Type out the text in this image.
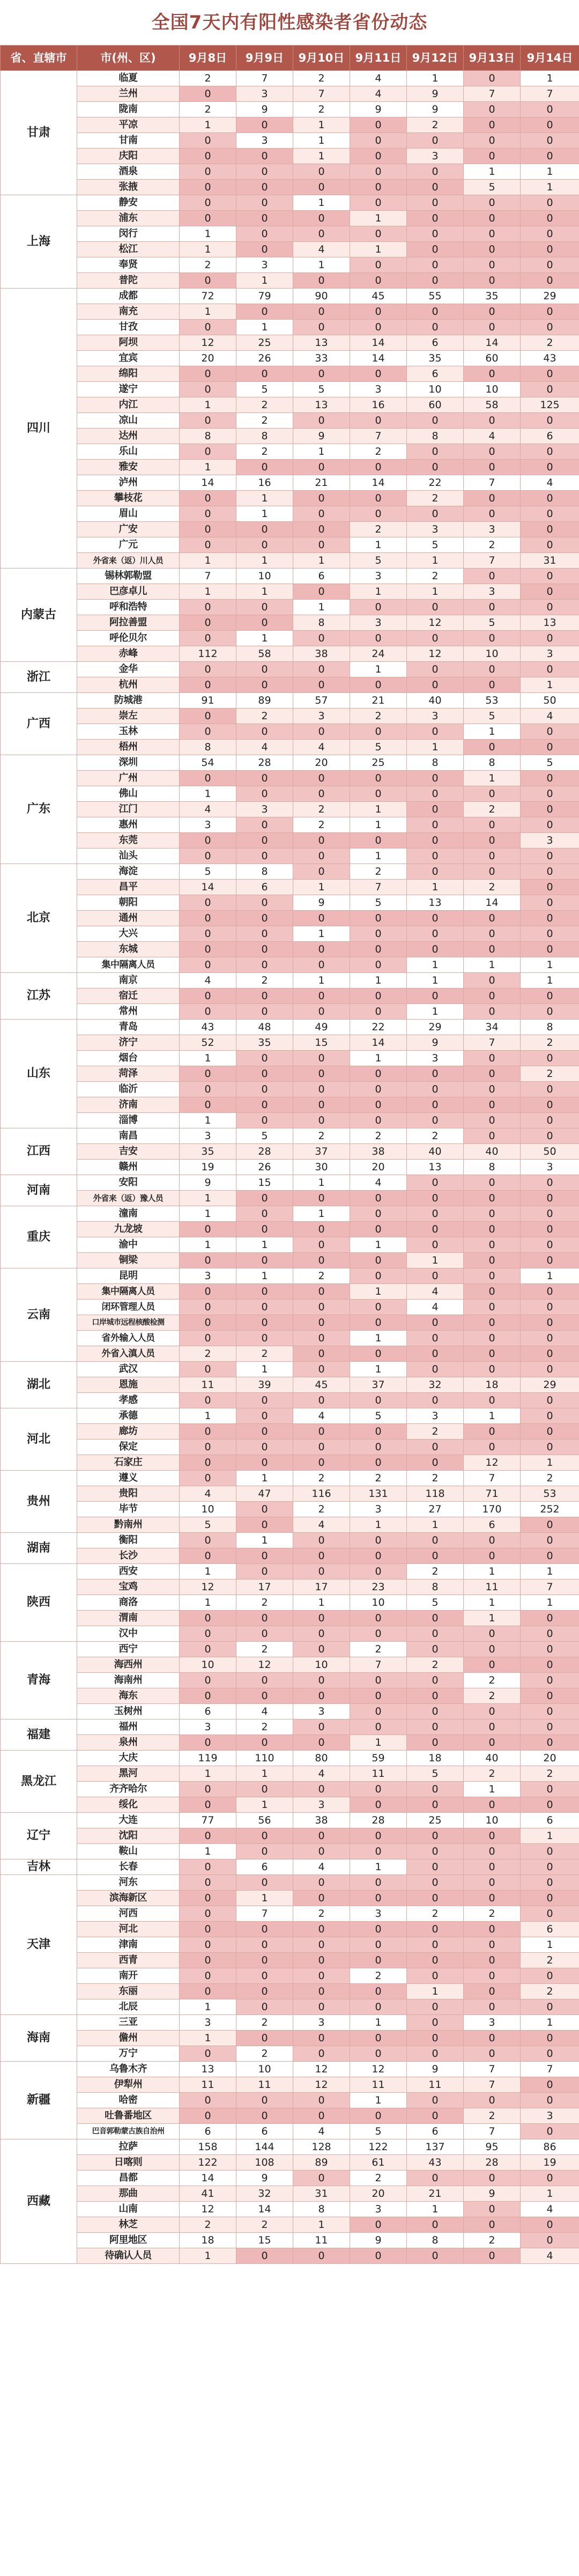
全国7天内有阳性感染者省份动态
省、直辖市	市(州、区)	9月8日	9月9日	9月10日	9月11日	9月12日	9月13日	9月14日
甘肃	临夏	2	7	2	4	1	0	1
	兰州	0	3	7	4	9	7	7
	陇南	2	9	2	9	9	0	0
	平凉	1	0	1	0	2	0	0
	甘南	0	3	1	0	0	0	0
	庆阳	0	0	1	0	3	0	0
	酒泉	0	0	0	0	0	1	1
	张掖	0	0	0	0	0	5	1
上海	静安	0	0	1	0	0	0	0
	浦东	0	0	0	1	0	0	0
	闵行	1	0	0	0	0	0	0
	松江	1	0	4	1	0	0	0
	奉贤	2	3	1	0	0	0	0
	普陀	0	1	0	0	0	0	0
四川	成都	72	79	90	45	55	35	29
	南充	1	0	0	0	0	0	0
	甘孜	0	1	0	0	0	0	0
	阿坝	12	25	13	14	6	14	2
	宜宾	20	26	33	14	35	60	43
	绵阳	0	0	0	0	6	0	0
	遂宁	0	5	5	3	10	10	0
	内江	1	2	13	16	60	58	125
	凉山	0	2	0	0	0	0	0
	达州	8	8	9	7	8	4	6
	乐山	0	2	1	2	0	0	0
	雅安	1	0	0	0	0	0	0
	泸州	14	16	21	14	22	7	4
	攀枝花	0	1	0	0	2	0	0
	眉山	0	1	0	0	0	0	0
	广安	0	0	0	2	3	3	0
	广元	0	0	0	1	5	2	0
	外省来（返）川人员	1	1	1	5	1	7	31
内蒙古	锡林郭勒盟	7	10	6	3	2	0	0
	巴彦卓儿	1	1	0	1	1	3	0
	呼和浩特	0	0	1	0	0	0	0
	阿拉善盟	0	0	8	3	12	5	13
	呼伦贝尔	0	1	0	0	0	0	0
	赤峰	112	58	38	24	12	10	3
浙江	金华	0	0	0	1	0	0	0
	杭州	0	0	0	0	0	0	1
广西	防城港	91	89	57	21	40	53	50
	崇左	0	2	3	2	3	5	4
	玉林	0	0	0	0	0	1	0
	梧州	8	4	4	5	1	0	0
广东	深圳	54	28	20	25	8	8	5
	广州	0	0	0	0	0	1	0
	佛山	1	0	0	0	0	0	0
	江门	4	3	2	1	0	2	0
	惠州	3	0	2	1	0	0	0
	东莞	0	0	0	0	0	0	3
	汕头	0	0	0	1	0	0	0
北京	海淀	5	8	0	2	0	0	0
	昌平	14	6	1	7	1	2	0
	朝阳	0	0	9	5	13	14	0
	通州	0	0	0	0	0	0	0
	大兴	0	0	1	0	0	0	0
	东城	0	0	0	0	0	0	0
	集中隔离人员	0	0	0	0	1	1	1
江苏	南京	4	2	1	1	1	0	1
	宿迁	0	0	0	0	0	0	0
	常州	0	0	0	0	1	0	0
山东	青岛	43	48	49	22	29	34	8
	济宁	52	35	15	14	9	7	2
	烟台	1	0	0	1	3	0	0
	菏泽	0	0	0	0	0	0	2
	临沂	0	0	0	0	0	0	0
	济南	0	0	0	0	0	0	0
	淄博	1	0	0	0	0	0	0
江西	南昌	3	5	2	2	2	0	0
	吉安	35	28	37	38	40	40	50
	赣州	19	26	30	20	13	8	3
河南	安阳	9	15	1	4	0	0	0
	外省来（返）豫人员	1	0	0	0	0	0	0
重庆	潼南	1	0	1	0	0	0	0
	九龙坡	0	0	0	0	0	0	0
	渝中	1	1	0	1	0	0	0
	铜梁	0	0	0	0	1	0	0
云南	昆明	3	1	2	0	0	0	1
	集中隔离人员	0	0	0	1	4	0	0
	闭环管理人员	0	0	0	0	4	0	0
	口岸城市远程核酸检测	0	0	0	0	0	0	0
	省外输入人员	0	0	0	1	0	0	0
	外省入滇人员	2	2	0	0	0	0	0
湖北	武汉	0	1	0	1	0	0	0
	恩施	11	39	45	37	32	18	29
	孝感	0	0	0	0	0	0	0
河北	承德	1	0	4	5	3	1	0
	廊坊	0	0	0	0	2	0	0
	保定	0	0	0	0	0	0	0
	石家庄	0	0	0	0	0	12	1
贵州	遵义	0	1	2	2	2	7	2
	贵阳	4	47	116	131	118	71	53
	毕节	10	0	2	3	27	170	252
	黔南州	5	0	4	1	1	6	0
湖南	衡阳	0	1	0	0	0	0	0
	长沙	0	0	0	0	0	0	0
陕西	西安	1	0	0	0	2	1	1
	宝鸡	12	17	17	23	8	11	7
	商洛	1	2	1	10	5	1	1
	渭南	0	0	0	0	0	1	0
	汉中	0	0	0	0	0	0	0
青海	西宁	0	2	0	2	0	0	0
	海西州	10	12	10	7	2	0	0
	海南州	0	0	0	0	0	2	0
	海东	0	0	0	0	0	2	0
	玉树州	6	4	3	0	0	0	0
福建	福州	3	2	0	0	0	0	0
	泉州	0	0	0	1	0	0	0
黑龙江	大庆	119	110	80	59	18	40	20
	黑河	1	1	4	11	5	2	2
	齐齐哈尔	0	0	0	0	0	1	0
	绥化	0	1	3	0	0	0	0
辽宁	大连	77	56	38	28	25	10	6
	沈阳	0	0	0	0	0	0	1
	鞍山	1	0	0	0	0	0	0
吉林	长春	0	6	4	1	0	0	0
天津	河东	0	0	0	0	0	0	0
	滨海新区	0	1	0	0	0	0	0
	河西	0	7	2	3	2	2	0
	河北	0	0	0	0	0	0	6
	津南	0	0	0	0	0	0	1
	西青	0	0	0	0	0	0	2
	南开	0	0	0	2	0	0	0
	东丽	0	0	0	0	1	0	2
	北辰	1	0	0	0	0	0	0
海南	三亚	3	2	3	1	0	3	1
	儋州	1	0	0	0	0	0	0
	万宁	0	2	0	0	0	0	0
新疆	乌鲁木齐	13	10	12	12	9	7	7
	伊犁州	11	11	12	11	11	7	0
	哈密	0	0	0	1	0	0	0
	吐鲁番地区	0	0	0	0	0	2	3
	巴音郭勒蒙古族自治州	6	6	4	5	6	7	0
西藏	拉萨	158	144	128	122	137	95	86
	日喀则	122	108	89	61	43	28	19
	昌都	14	9	0	2	0	0	0
	那曲	41	32	31	20	21	9	1
	山南	12	14	8	3	1	0	4
	林芝	2	2	1	0	0	0	0
	阿里地区	18	15	11	9	8	2	0
	待确认人员	1	0	0	0	0	0	4
